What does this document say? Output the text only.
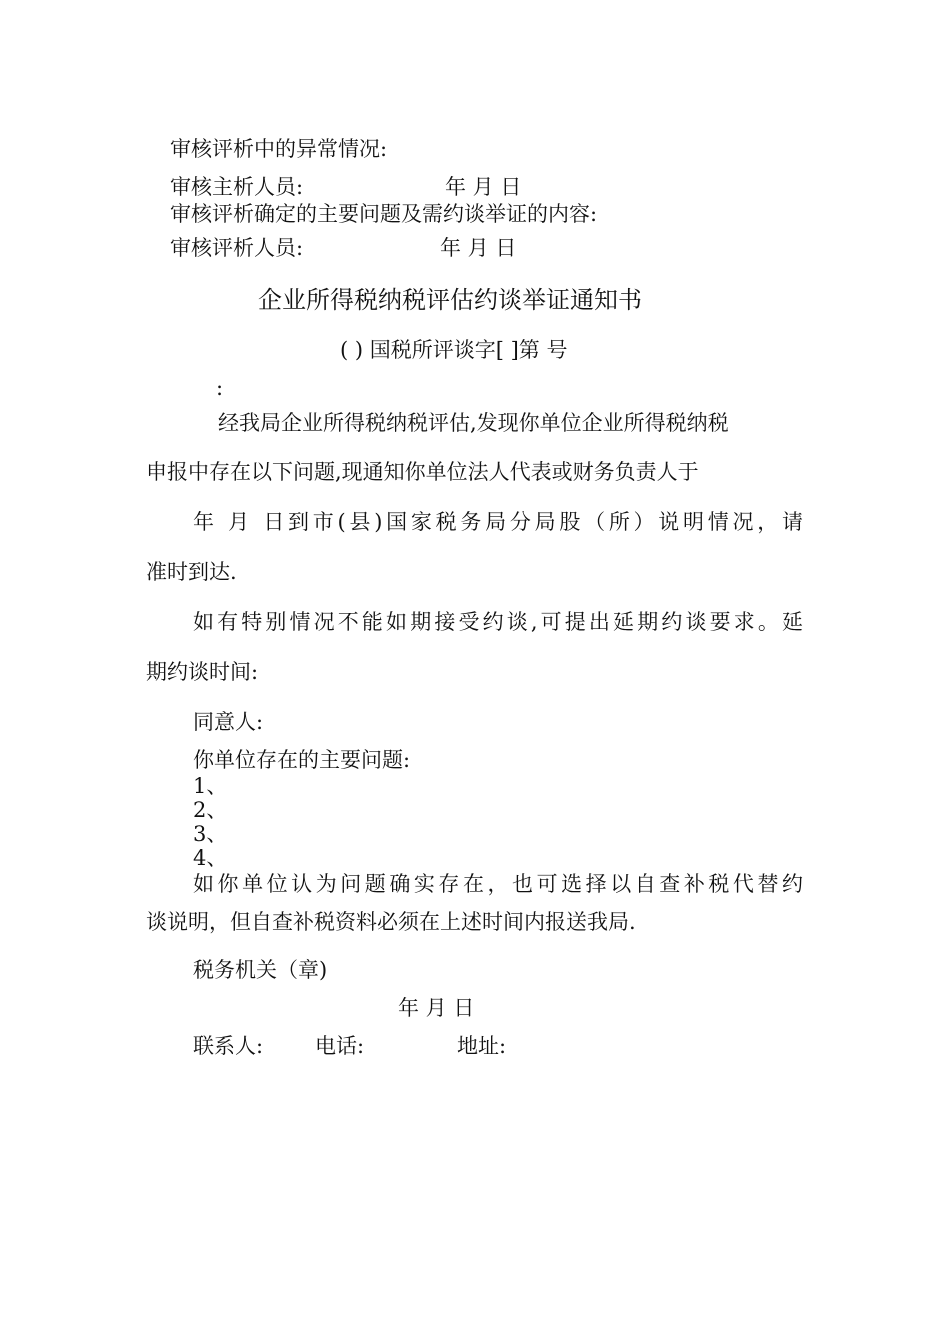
审核评析中的异常情况:
审核主析人员:	年 月 日
审核评析确定的主要问题及需约谈举证的内容:
审核评析人员:	年 月 日
企业所得税纳税评估约谈举证通知书
( ) 国税所评谈字[ ]第 号
:
经我局企业所得税纳税评估,发现你单位企业所得税纳税
申报中存在以下问题,现通知你单位法人代表或财务负责人于
年 月 日到市(县)国家税务局分局股（所）说明情况，请
准时到达.
如有特别情况不能如期接受约谈,可提出延期约谈要求。延
期约谈时间:
同意人:
你单位存在的主要问题:
1、
2、
3、
4、
如你单位认为问题确实存在，也可选择以自查补税代替约
谈说明，但自查补税资料必须在上述时间内报送我局.
税务机关（章)
年 月 日
联系人: 电话:	地址:
